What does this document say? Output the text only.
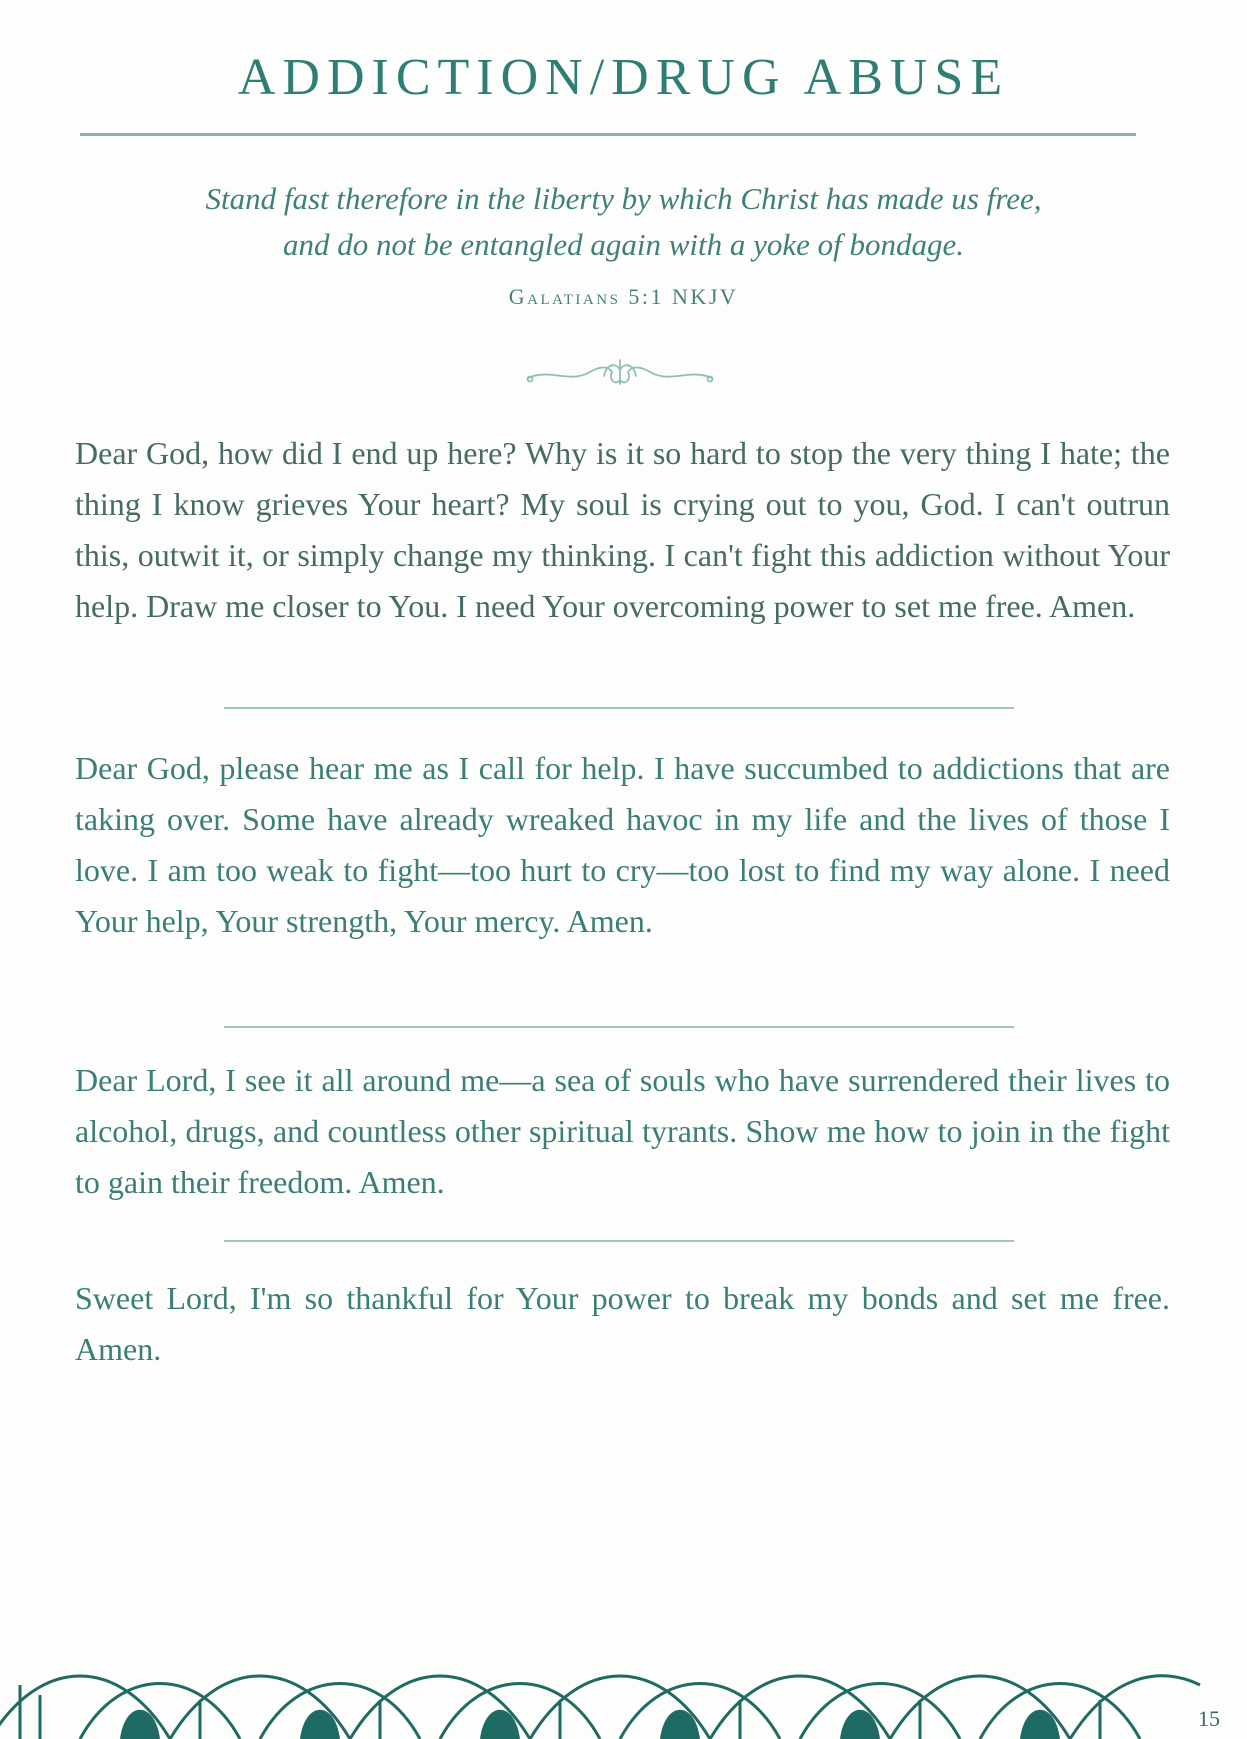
ADDICTION/DRUG ABUSE
Stand fast therefore in the liberty by which Christ has made us free,
and do not be entangled again with a yoke of bondage.
Galatians 5:1 NKJV

Dear God, how did I end up here? Why is it so hard to stop the very thing I hate; the thing I know grieves Your heart? My soul is crying out to you, God. I can't outrun this, outwit it, or simply change my thinking. I can't fight this addiction without Your help. Draw me closer to You. I need Your overcoming power to set me free. Amen.

Dear God, please hear me as I call for help. I have succumbed to addictions that are taking over. Some have already wreaked havoc in my life and the lives of those I love. I am too weak to fight—too hurt to cry—too lost to find my way alone. I need Your help, Your strength, Your mercy. Amen.

Dear Lord, I see it all around me—a sea of souls who have surrendered their lives to alcohol, drugs, and countless other spiritual tyrants. Show me how to join in the fight to gain their freedom. Amen.

Sweet Lord, I'm so thankful for Your power to break my bonds and set me free. Amen.

15
